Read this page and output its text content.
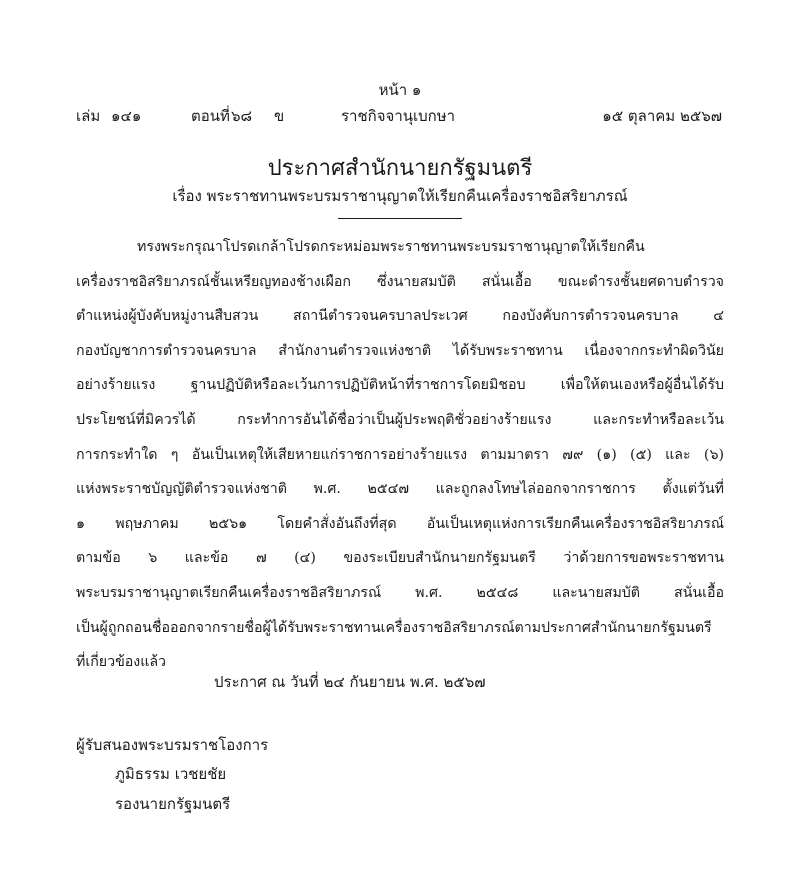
หน้า ๑
เล่ม ๑๔๑	ตอนที่ ๖๘ ข	ราชกิจจานุเบกษา	๑๕ ตุลาคม ๒๕๖๗
ประกาศสำนักนายกรัฐมนตรี
เรื่อง พระราชทานพระบรมราชานุญาตให้เรียกคืนเครื่องราชอิสริยาภรณ์
ทรงพระกรุณาโปรดเกล้าโปรดกระหม่อมพระราชทานพระบรมราชานุญาตให้เรียกคืน
เครื่องราชอิสริยาภรณ์ชั้นเหรียญทองช้างเผือก ซึ่งนายสมบัติ สนั่นเอื้อ ขณะดำรงชั้นยศดาบตำรวจ
ตำแหน่งผู้บังคับหมู่งานสืบสวน สถานีตำรวจนครบาลประเวศ กองบังคับการตำรวจนครบาล ๔
กองบัญชาการตำรวจนครบาล สำนักงานตำรวจแห่งชาติ ได้รับพระราชทาน เนื่องจากกระทำผิดวินัย
อย่างร้ายแรง ฐานปฏิบัติหรือละเว้นการปฏิบัติหน้าที่ราชการโดยมิชอบ เพื่อให้ตนเองหรือผู้อื่นได้รับ
ประโยชน์ที่มิควรได้ กระทำการอันได้ชื่อว่าเป็นผู้ประพฤติชั่วอย่างร้ายแรง และกระทำหรือละเว้น
การกระทำใด ๆ อันเป็นเหตุให้เสียหายแก่ราชการอย่างร้ายแรง ตามมาตรา ๗๙ (๑) (๕) และ (๖)
แห่งพระราชบัญญัติตำรวจแห่งชาติ พ.ศ. ๒๕๔๗ และถูกลงโทษไล่ออกจากราชการ ตั้งแต่วันที่
๑ พฤษภาคม ๒๕๖๑ โดยคำสั่งอันถึงที่สุด อันเป็นเหตุแห่งการเรียกคืนเครื่องราชอิสริยาภรณ์
ตามข้อ ๖ และข้อ ๗ (๔) ของระเบียบสำนักนายกรัฐมนตรี ว่าด้วยการขอพระราชทาน
พระบรมราชานุญาตเรียกคืนเครื่องราชอิสริยาภรณ์ พ.ศ. ๒๕๔๘ และนายสมบัติ สนั่นเอื้อ
เป็นผู้ถูกถอนชื่อออกจากรายชื่อผู้ได้รับพระราชทานเครื่องราชอิสริยาภรณ์ตามประกาศสำนักนายกรัฐมนตรี
ที่เกี่ยวข้องแล้ว
ประกาศ ณ วันที่ ๒๔ กันยายน พ.ศ. ๒๕๖๗
ผู้รับสนองพระบรมราชโองการ
ภูมิธรรม เวชยชัย
รองนายกรัฐมนตรี
